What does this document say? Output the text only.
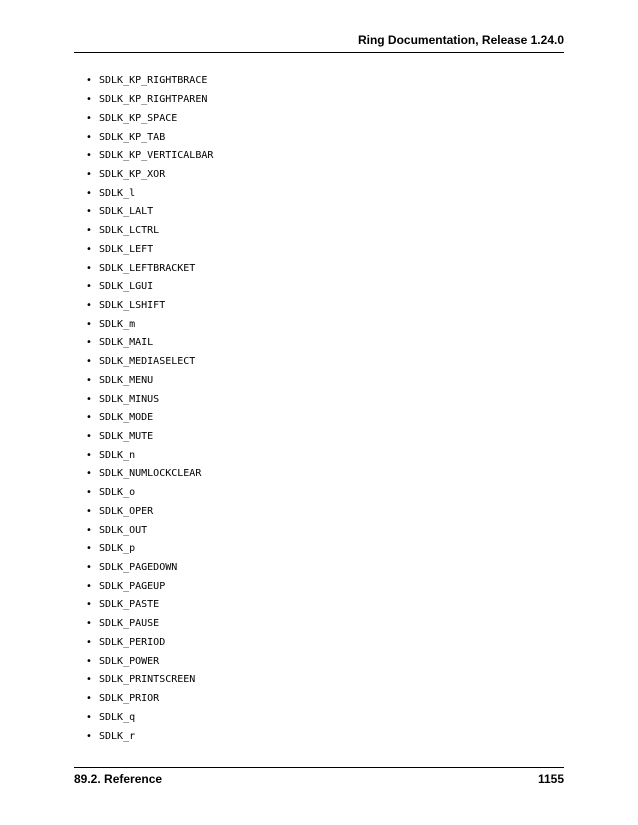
Ring Documentation, Release 1.24.0
• SDLK_KP_RIGHTBRACE
• SDLK_KP_RIGHTPAREN
• SDLK_KP_SPACE
• SDLK_KP_TAB
• SDLK_KP_VERTICALBAR
• SDLK_KP_XOR
• SDLK_l
• SDLK_LALT
• SDLK_LCTRL
• SDLK_LEFT
• SDLK_LEFTBRACKET
• SDLK_LGUI
• SDLK_LSHIFT
• SDLK_m
• SDLK_MAIL
• SDLK_MEDIASELECT
• SDLK_MENU
• SDLK_MINUS
• SDLK_MODE
• SDLK_MUTE
• SDLK_n
• SDLK_NUMLOCKCLEAR
• SDLK_o
• SDLK_OPER
• SDLK_OUT
• SDLK_p
• SDLK_PAGEDOWN
• SDLK_PAGEUP
• SDLK_PASTE
• SDLK_PAUSE
• SDLK_PERIOD
• SDLK_POWER
• SDLK_PRINTSCREEN
• SDLK_PRIOR
• SDLK_q
• SDLK_r
89.2. Reference	1155
